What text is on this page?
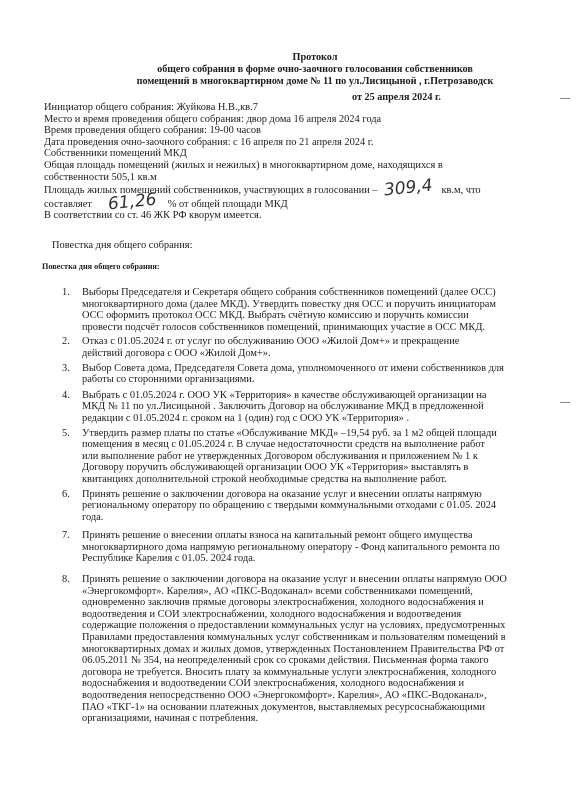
Протокол
общего собрания в форме очно-заочного голосования собственников
помещений в многоквартирном доме № 11 по ул.Лисицыной , г.Петрозаводск
от 25 апреля 2024 г.
Инициатор общего собрания: Жуйкова Н.В.,кв.7
Место и время проведения общего собрания: двор дома 16 апреля 2024 года
Время проведения общего собрания: 19-00 часов
Дата проведения очно-заочного собрания: с 16 апреля по 21 апреля 2024 г.
Собственники помещений МКД
Общая площадь помещений (жилых и нежилых) в многоквартирном доме, находящихся в
собственности 505,1 кв.м
Площадь жилых помещений собственников, участвующих в голосовании – 309,4 кв.м, что
составляет 61,26 % от общей площади МКД
В соответствии со ст. 46 ЖК РФ кворум имеется.
Повестка дня общего собрания:
Повестка дня общего собрания:
1. Выборы Председателя и Секретаря общего собрания собственников помещений (далее ОСС)
многоквартирного дома (далее МКД). Утвердить повестку дня ОСС и поручить инициаторам
ОСС оформить протокол ОСС МКД. Выбрать счётную комиссию и поручить комиссии
провести подсчёт голосов собственников помещений, принимающих участие в ОСС МКД.
2. Отказ с 01.05.2024 г. от услуг по обслуживанию ООО «Жилой Дом+» и прекращение
действий договора с ООО «Жилой Дом+».
3. Выбор Совета дома, Председателя Совета дома, уполномоченного от имени собственников для
работы со сторонними организациями.
4. Выбрать с 01.05.2024 г. ООО УК «Территория» в качестве обслуживающей организации на
МКД № 11 по ул.Лисицыной . Заключить Договор на обслуживание МКД в предложенной
редакции с 01.05.2024 г. сроком на 1 (один) год с ООО УК «Территория» .
5. Утвердить размер платы по статье «Обслуживание МКД» –19,54 руб. за 1 м2 общей площади
помещения в месяц с 01.05.2024 г. В случае недостаточности средств на выполнение работ
или выполнение работ не утвержденных Договором обслуживания и приложением № 1 к
Договору поручить обслуживающей организации ООО УК «Территория» выставлять в
квитанциях дополнительной строкой необходимые средства на выполнение работ.
6. Принять решение о заключении договора на оказание услуг и внесении оплаты напрямую
региональному оператору по обращению с твердыми коммунальными отходами с 01.05. 2024
года.
7. Принять решение о внесении оплаты взноса на капитальный ремонт общего имущества
многоквартирного дома напрямую региональному оператору - Фонд капитального ремонта по
Республике Карелия с 01.05. 2024 года.
8. Принять решение о заключении договора на оказание услуг и внесении оплаты напрямую ООО
«Энергокомфорт». Карелия», АО «ПКС-Водоканал» всеми собственниками помещений,
одновременно заключив прямые договоры электроснабжения, холодного водоснабжения и
водоотведения и СОИ электроснабжении, холодного водоснабжения и водоотведения
содержащие положения о предоставлении коммунальных услуг на условиях, предусмотренных
Правилами предоставления коммунальных услуг собственникам и пользователям помещений в
многоквартирных домах и жилых домов, утвержденных Постановлением Правительства РФ от
06.05.2011 № 354, на неопределенный срок со сроками действия. Письменная форма такого
договора не требуется. Вносить плату за коммунальные услуги электроснабжения, холодного
водоснабжения и водоотведении СОИ электроснабжения, холодного водоснабжения и
водоотведения непосредственно ООО «Энергокомфорт». Карелия», АО «ПКС-Водоканал»,
ПАО «ТКГ-1» на основании платежных документов, выставляемых ресурсоснабжающими
организациями, начиная с потребления.
